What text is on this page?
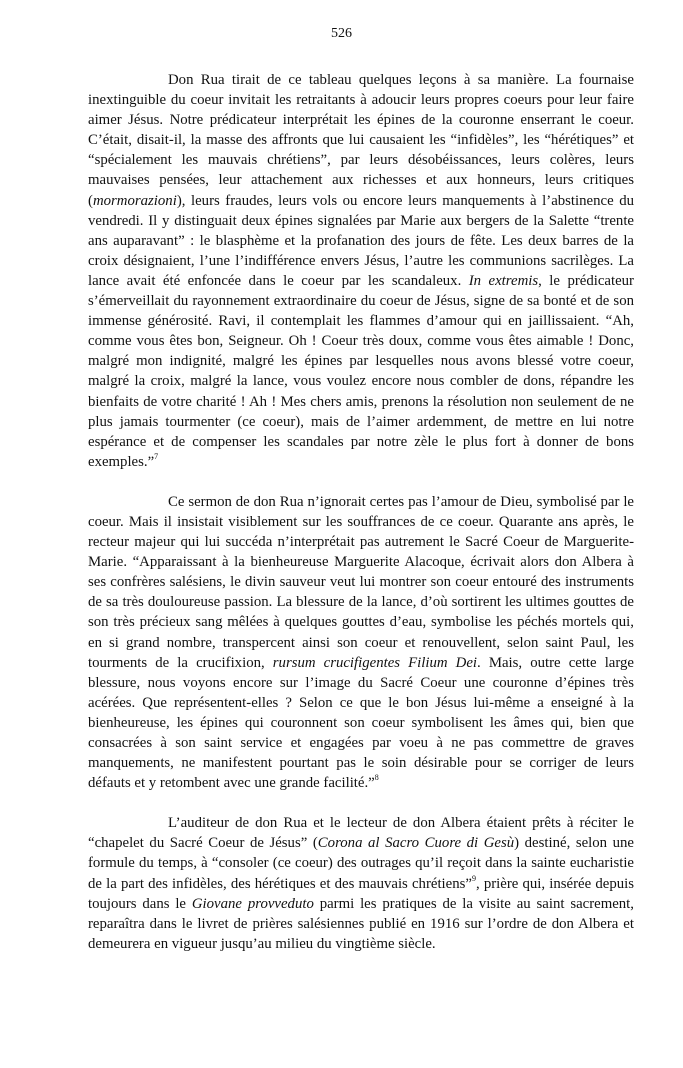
526

Don Rua tirait de ce tableau quelques leçons à sa manière. La fournaise inextinguible du coeur invitait les retraitants à adoucir leurs propres coeurs pour leur faire aimer Jésus. Notre prédicateur interprétait les épines de la couronne enserrant le coeur. C’était, disait-il, la masse des affronts que lui causaient les “infidèles”, les “hérétiques” et “spécialement les mauvais chrétiens”, par leurs désobéissances, leurs colères, leurs mauvaises pensées, leur attachement aux richesses et aux honneurs, leurs critiques (mormorazioni), leurs fraudes, leurs vols ou encore leurs manquements à l’abstinence du vendredi. Il y distinguait deux épines signalées par Marie aux bergers de la Salette “trente ans auparavant” : le blasphème et la profanation des jours de fête. Les deux barres de la croix désignaient, l’une l’indifférence envers Jésus, l’autre les communions sacrilèges. La lance avait été enfoncée dans le coeur par les scandaleux. In extremis, le prédicateur s’émerveillait du rayonnement extraordinaire du coeur de Jésus, signe de sa bonté et de son immense générosité. Ravi, il contemplait les flammes d’amour qui en jaillissaient. “Ah, comme vous êtes bon, Seigneur. Oh ! Coeur très doux, comme vous êtes aimable ! Donc, malgré mon indignité, malgré les épines par lesquelles nous avons blessé votre coeur, malgré la croix, malgré la lance, vous voulez encore nous combler de dons, répandre les bienfaits de votre charité ! Ah ! Mes chers amis, prenons la résolution non seulement de ne plus jamais tourmenter (ce coeur), mais de l’aimer ardemment, de mettre en lui notre espérance et de compenser les scandales par notre zèle le plus fort à donner de bons exemples.”$^7$

Ce sermon de don Rua n’ignorait certes pas l’amour de Dieu, symbolisé par le coeur. Mais il insistait visiblement sur les souffrances de ce coeur. Quarante ans après, le recteur majeur qui lui succéda n’interprétait pas autrement le Sacré Coeur de Marguerite-Marie. “Apparaissant à la bienheureuse Marguerite Alacoque, écrivait alors don Albera à ses confrères salésiens, le divin sauveur veut lui montrer son coeur entouré des instruments de sa très douloureuse passion. La blessure de la lance, d’où sortirent les ultimes gouttes de son très précieux sang mêlées à quelques gouttes d’eau, symbolise les péchés mortels qui, en si grand nombre, transpercent ainsi son coeur et renouvellent, selon saint Paul, les tourments de la crucifixion, rursum crucifigentes Filium Dei. Mais, outre cette large blessure, nous voyons encore sur l’image du Sacré Coeur une couronne d’épines très acérées. Que représentent-elles ? Selon ce que le bon Jésus lui-même a enseigné à la bienheureuse, les épines qui couronnent son coeur symbolisent les âmes qui, bien que consacrées à son saint service et engagées par voeu à ne pas commettre de graves manquements, ne manifestent pourtant pas le soin désirable pour se corriger de leurs défauts et y retombent avec une grande facilité.”$^8$

L’auditeur de don Rua et le lecteur de don Albera étaient prêts à réciter le “chapelet du Sacré Coeur de Jésus” (Corona al Sacro Cuore di Gesù) destiné, selon une formule du temps, à “consoler (ce coeur) des outrages qu’il reçoit dans la sainte eucharistie de la part des infidèles, des hérétiques et des mauvais chrétiens”$^9$, prière qui, insérée depuis toujours dans le Giovane provveduto parmi les pratiques de la visite au saint sacrement, reparaîtra dans le livret de prières salésiennes publié en 1916 sur l’ordre de don Albera et demeurera en vigueur jusqu’au milieu du vingtième siècle.
